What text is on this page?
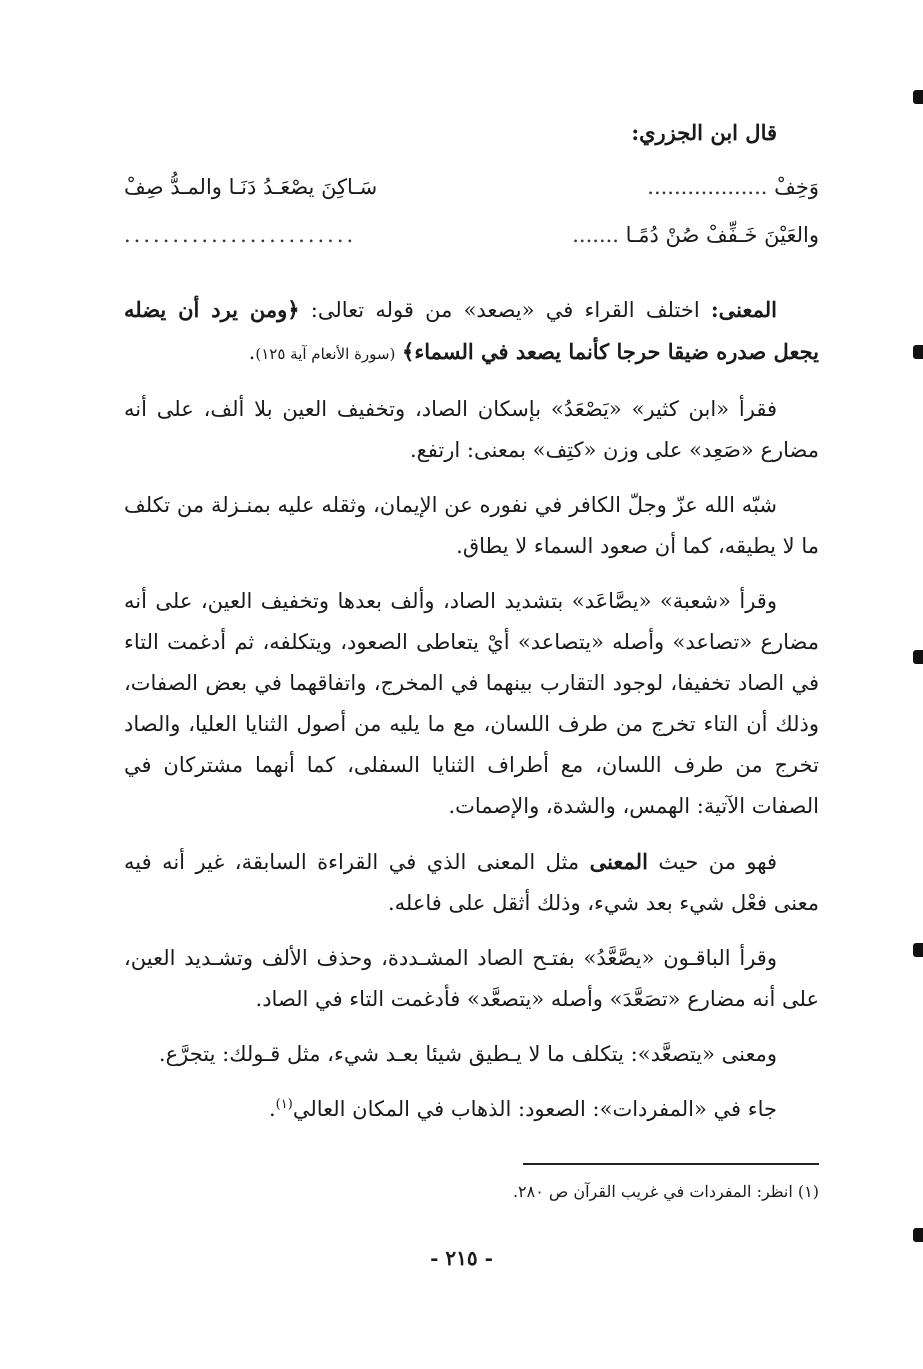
قال ابن الجزري:
وَخِفْ ..................
سَـاكِنَ يصْعَـدُ دَنَـا والمـدُّ صِفْ
والعَيْنَ خَـفِّفْ صُنْ دُمًـا .......
........................

المعنى: اختلف القراء في «يصعد» من قوله تعالى: ﴿ومن يرد أن يضله يجعل صدره ضيقا حرجا كأنما يصعد في السماء﴾ (سورة الأنعام آية ١٢٥).

فقرأ «ابن كثير» «يَصْعَدُ» بإسكان الصاد، وتخفيف العين بلا ألف، على أنه مضارع «صَعِد» على وزن «كتِف» بمعنى: ارتفع.

شبّه الله عزّ وجلّ الكافر في نفوره عن الإيمان، وثقله عليه بمنـزلة من تكلف ما لا يطيقه، كما أن صعود السماء لا يطاق.

وقرأ «شعبة» «يصَّاعَد» بتشديد الصاد، وألف بعدها وتخفيف العين، على أنه مضارع «تصاعد» وأصله «يتصاعد» أيْ يتعاطى الصعود، ويتكلفه، ثم أدغمت التاء في الصاد تخفيفا، لوجود التقارب بينهما في المخرج، واتفاقهما في بعض الصفات، وذلك أن التاء تخرج من طرف اللسان، مع ما يليه من أصول الثنايا العليا، والصاد تخرج من طرف اللسان، مع أطراف الثنايا السفلى، كما أنهما مشتركان في الصفات الآتية: الهمس، والشدة، والإصمات.

فهو من حيث المعنى مثل المعنى الذي في القراءة السابقة، غير أنه فيه معنى فعْل شيء بعد شيء، وذلك أثقل على فاعله.

وقرأ الباقـون «يصَّعَّدُ» بفتـح الصاد المشـددة، وحذف الألف وتشـديد العين، على أنه مضارع «تصَعَّدَ» وأصله «يتصعَّد» فأدغمت التاء في الصاد.

ومعنى «يتصعَّد»: يتكلف ما لا يـطيق شيئا بعـد شيء، مثل قـولك: يتجرَّع.

جاء في «المفردات»: الصعود: الذهاب في المكان العالي$^{(١)}$.

(١) انظر: المفردات في غريب القرآن ص ٢٨٠.
- ٢١٥ -
